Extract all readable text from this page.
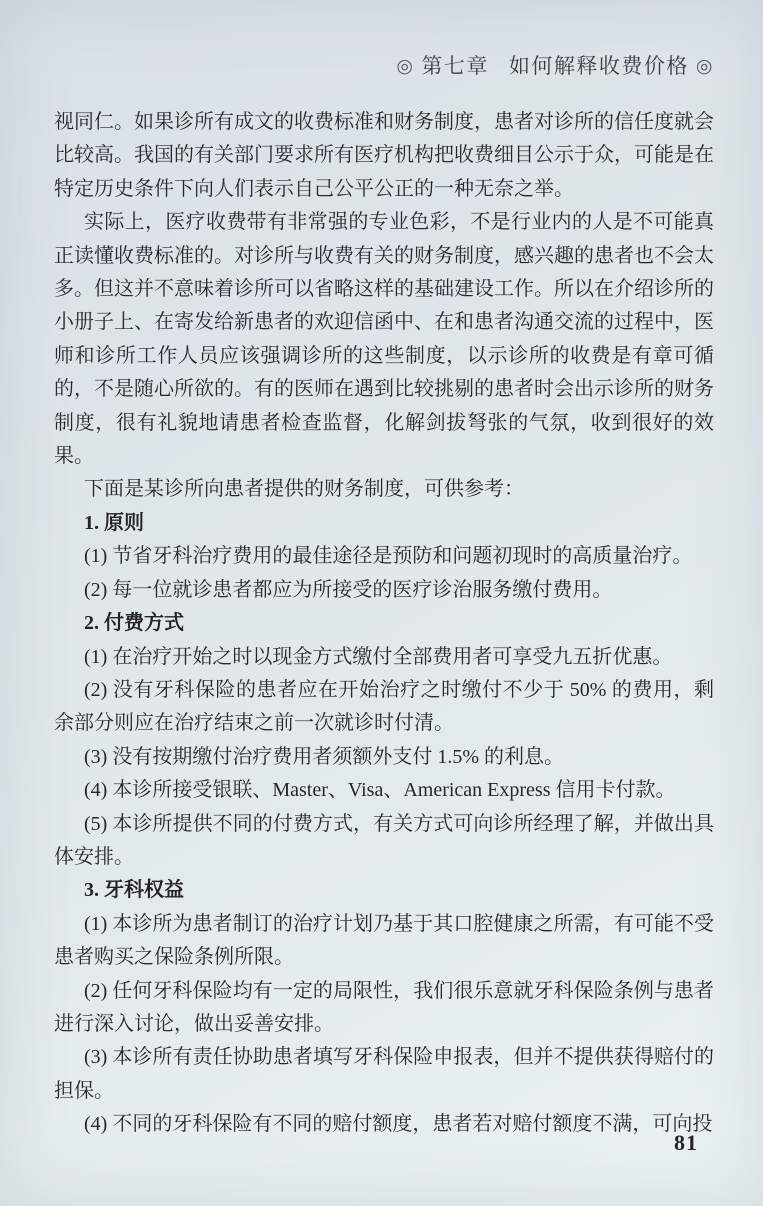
◎ 第七章 如何解释收费价格 ◎

视同仁。如果诊所有成文的收费标准和财务制度，患者对诊所的信任度就会比较高。我国的有关部门要求所有医疗机构把收费细目公示于众，可能是在特定历史条件下向人们表示自己公平公正的一种无奈之举。

实际上，医疗收费带有非常强的专业色彩，不是行业内的人是不可能真正读懂收费标准的。对诊所与收费有关的财务制度，感兴趣的患者也不会太多。但这并不意味着诊所可以省略这样的基础建设工作。所以在介绍诊所的小册子上、在寄发给新患者的欢迎信函中、在和患者沟通交流的过程中，医师和诊所工作人员应该强调诊所的这些制度，以示诊所的收费是有章可循的，不是随心所欲的。有的医师在遇到比较挑剔的患者时会出示诊所的财务制度，很有礼貌地请患者检查监督，化解剑拔弩张的气氛，收到很好的效果。

下面是某诊所向患者提供的财务制度，可供参考：

1. 原则

(1) 节省牙科治疗费用的最佳途径是预防和问题初现时的高质量治疗。

(2) 每一位就诊患者都应为所接受的医疗诊治服务缴付费用。

2. 付费方式

(1) 在治疗开始之时以现金方式缴付全部费用者可享受九五折优惠。

(2) 没有牙科保险的患者应在开始治疗之时缴付不少于 50% 的费用，剩余部分则应在治疗结束之前一次就诊时付清。

(3) 没有按期缴付治疗费用者须额外支付 1.5% 的利息。

(4) 本诊所接受银联、Master、Visa、American Express 信用卡付款。

(5) 本诊所提供不同的付费方式，有关方式可向诊所经理了解，并做出具体安排。

3. 牙科权益

(1) 本诊所为患者制订的治疗计划乃基于其口腔健康之所需，有可能不受患者购买之保险条例所限。

(2) 任何牙科保险均有一定的局限性，我们很乐意就牙科保险条例与患者进行深入讨论，做出妥善安排。

(3) 本诊所有责任协助患者填写牙科保险申报表，但并不提供获得赔付的担保。

(4) 不同的牙科保险有不同的赔付额度，患者若对赔付额度不满，可向投

81
